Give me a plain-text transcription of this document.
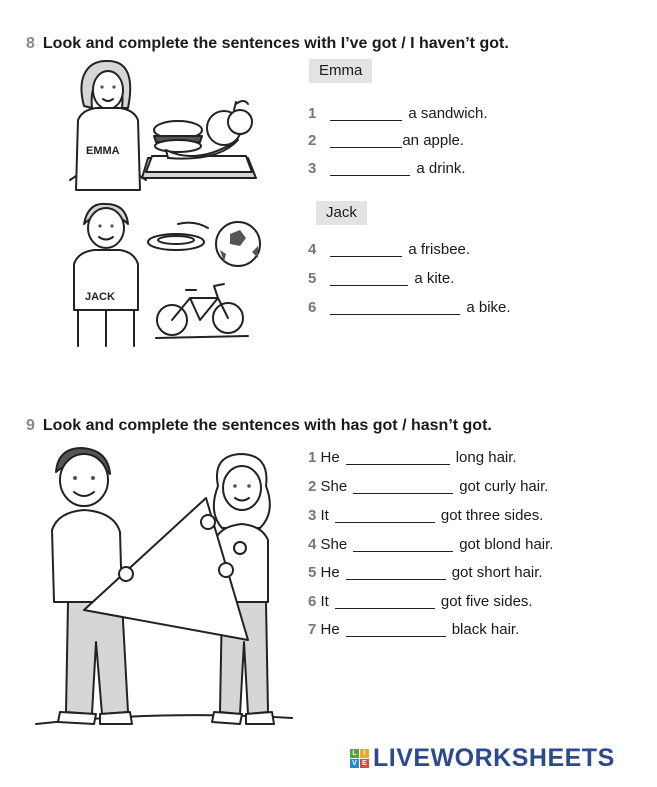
8 Look and complete the sentences with I’ve got / I haven’t got.
EMMA
Emma
1	a sandwich.
2	an apple.
3	a drink.
JACK
Jack
4	a frisbee.
5	a kite.
6	a bike.
9 Look and complete the sentences with has got / hasn’t got.
1
He	long hair.
2
She	got curly hair.
3
It	got three sides.
4
She	got blond hair.
5
He	got short hair.
6
It	got five sides.
7
He	black hair.
L I
V E LIVEWORKSHEETS
